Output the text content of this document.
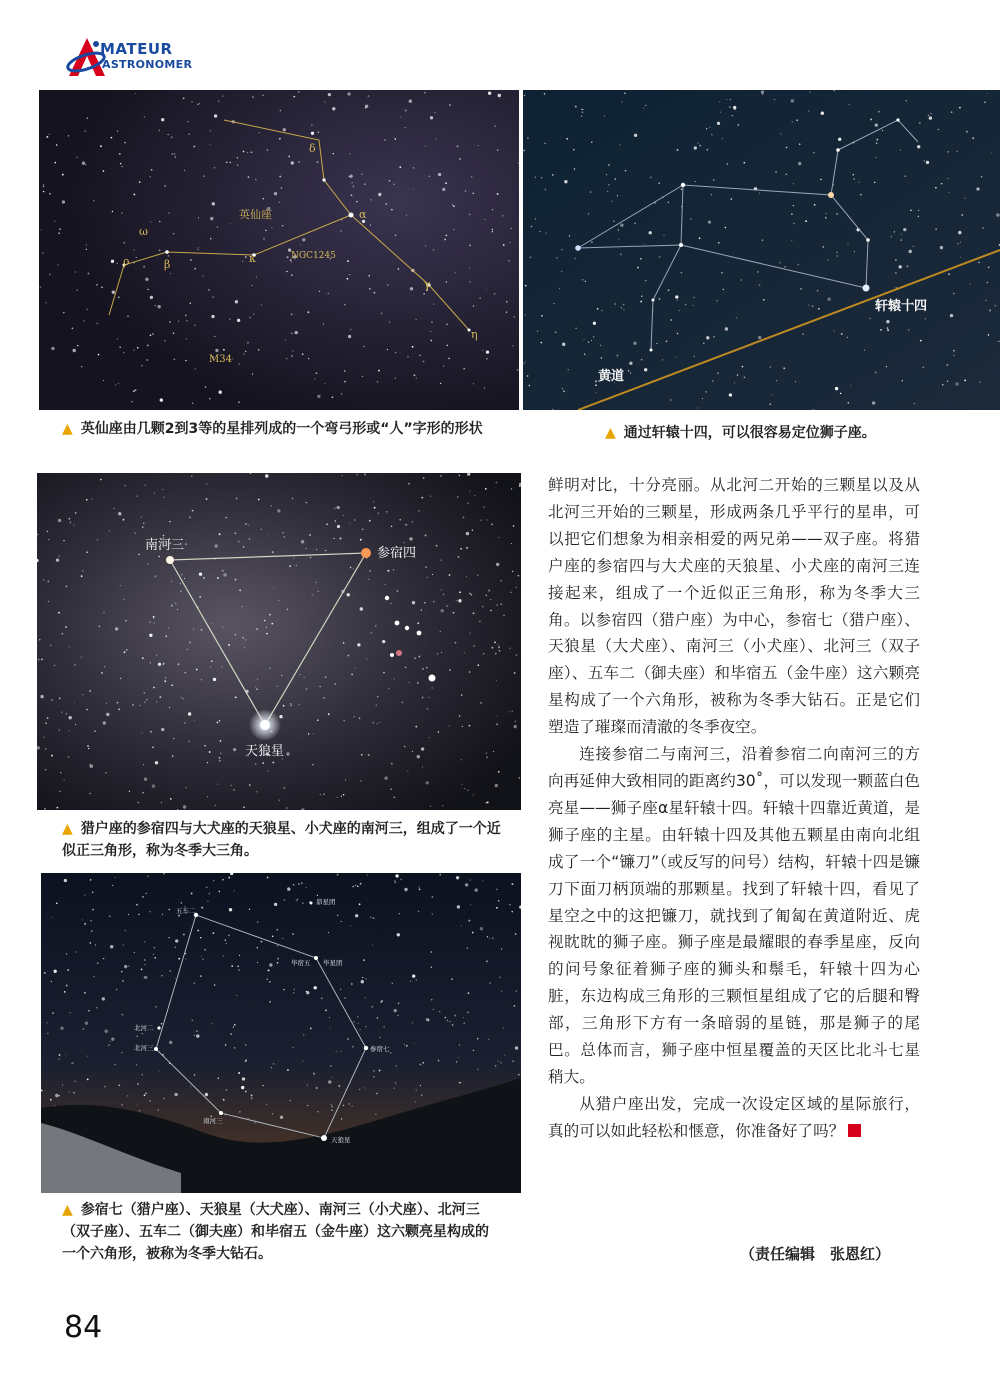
MATEUR
ASTRONOMER
英仙座
δ
α
ω
ρ	β	κ	NGC1245
γ
η
M34
轩辕十四
黄道
▲ 英仙座由几颗2到3等的星排列成的一个弯弓形或“人”字形的形状	▲ 通过轩辕十四，可以很容易定位狮子座。
南河三
参宿四
天狼星
▲ 猎户座的参宿四与大犬座的天狼星、小犬座的南河三，组成了一个近似正三角形，称为冬季大三角。
五车二
昴星团
毕宿五 毕星团
北河二
北河三	参宿七
南河三
天狼星
▲ 参宿七（猎户座）、天狼星（大犬座）、南河三（小犬座）、北河三（双子座）、五车二（御夫座）和毕宿五（金牛座）这六颗亮星构成的一个六角形，被称为冬季大钻石。

鲜明对比，十分亮丽。从北河二开始的三颗星以及从北河三开始的三颗星，形成两条几乎平行的星串，可以把它们想象为相亲相爱的两兄弟——双子座。将猎户座的参宿四与大犬座的天狼星、小犬座的南河三连接起来，组成了一个近似正三角形，称为冬季大三角。以参宿四（猎户座）为中心，参宿七（猎户座）、天狼星（大犬座）、南河三（小犬座）、北河三（双子座）、五车二（御夫座）和毕宿五（金牛座）这六颗亮星构成了一个六角形，被称为冬季大钻石。正是它们塑造了璀璨而清澈的冬季夜空。

连接参宿二与南河三，沿着参宿二向南河三的方向再延伸大致相同的距离约30˚，可以发现一颗蓝白色亮星——狮子座α星轩辕十四。轩辕十四靠近黄道，是狮子座的主星。由轩辕十四及其他五颗星由南向北组成了一个“镰刀”（或反写的问号）结构，轩辕十四是镰刀下面刀柄顶端的那颗星。找到了轩辕十四，看见了星空之中的这把镰刀，就找到了匍匐在黄道附近、虎视眈眈的狮子座。狮子座是最耀眼的春季星座，反向的问号象征着狮子座的狮头和鬃毛，轩辕十四为心脏，东边构成三角形的三颗恒星组成了它的后腿和臀部，三角形下方有一条暗弱的星链，那是狮子的尾巴。总体而言，狮子座中恒星覆盖的天区比北斗七星稍大。

从猎户座出发，完成一次设定区域的星际旅行，真的可以如此轻松和惬意，你准备好了吗？

（责任编辑　张恩红）
84
